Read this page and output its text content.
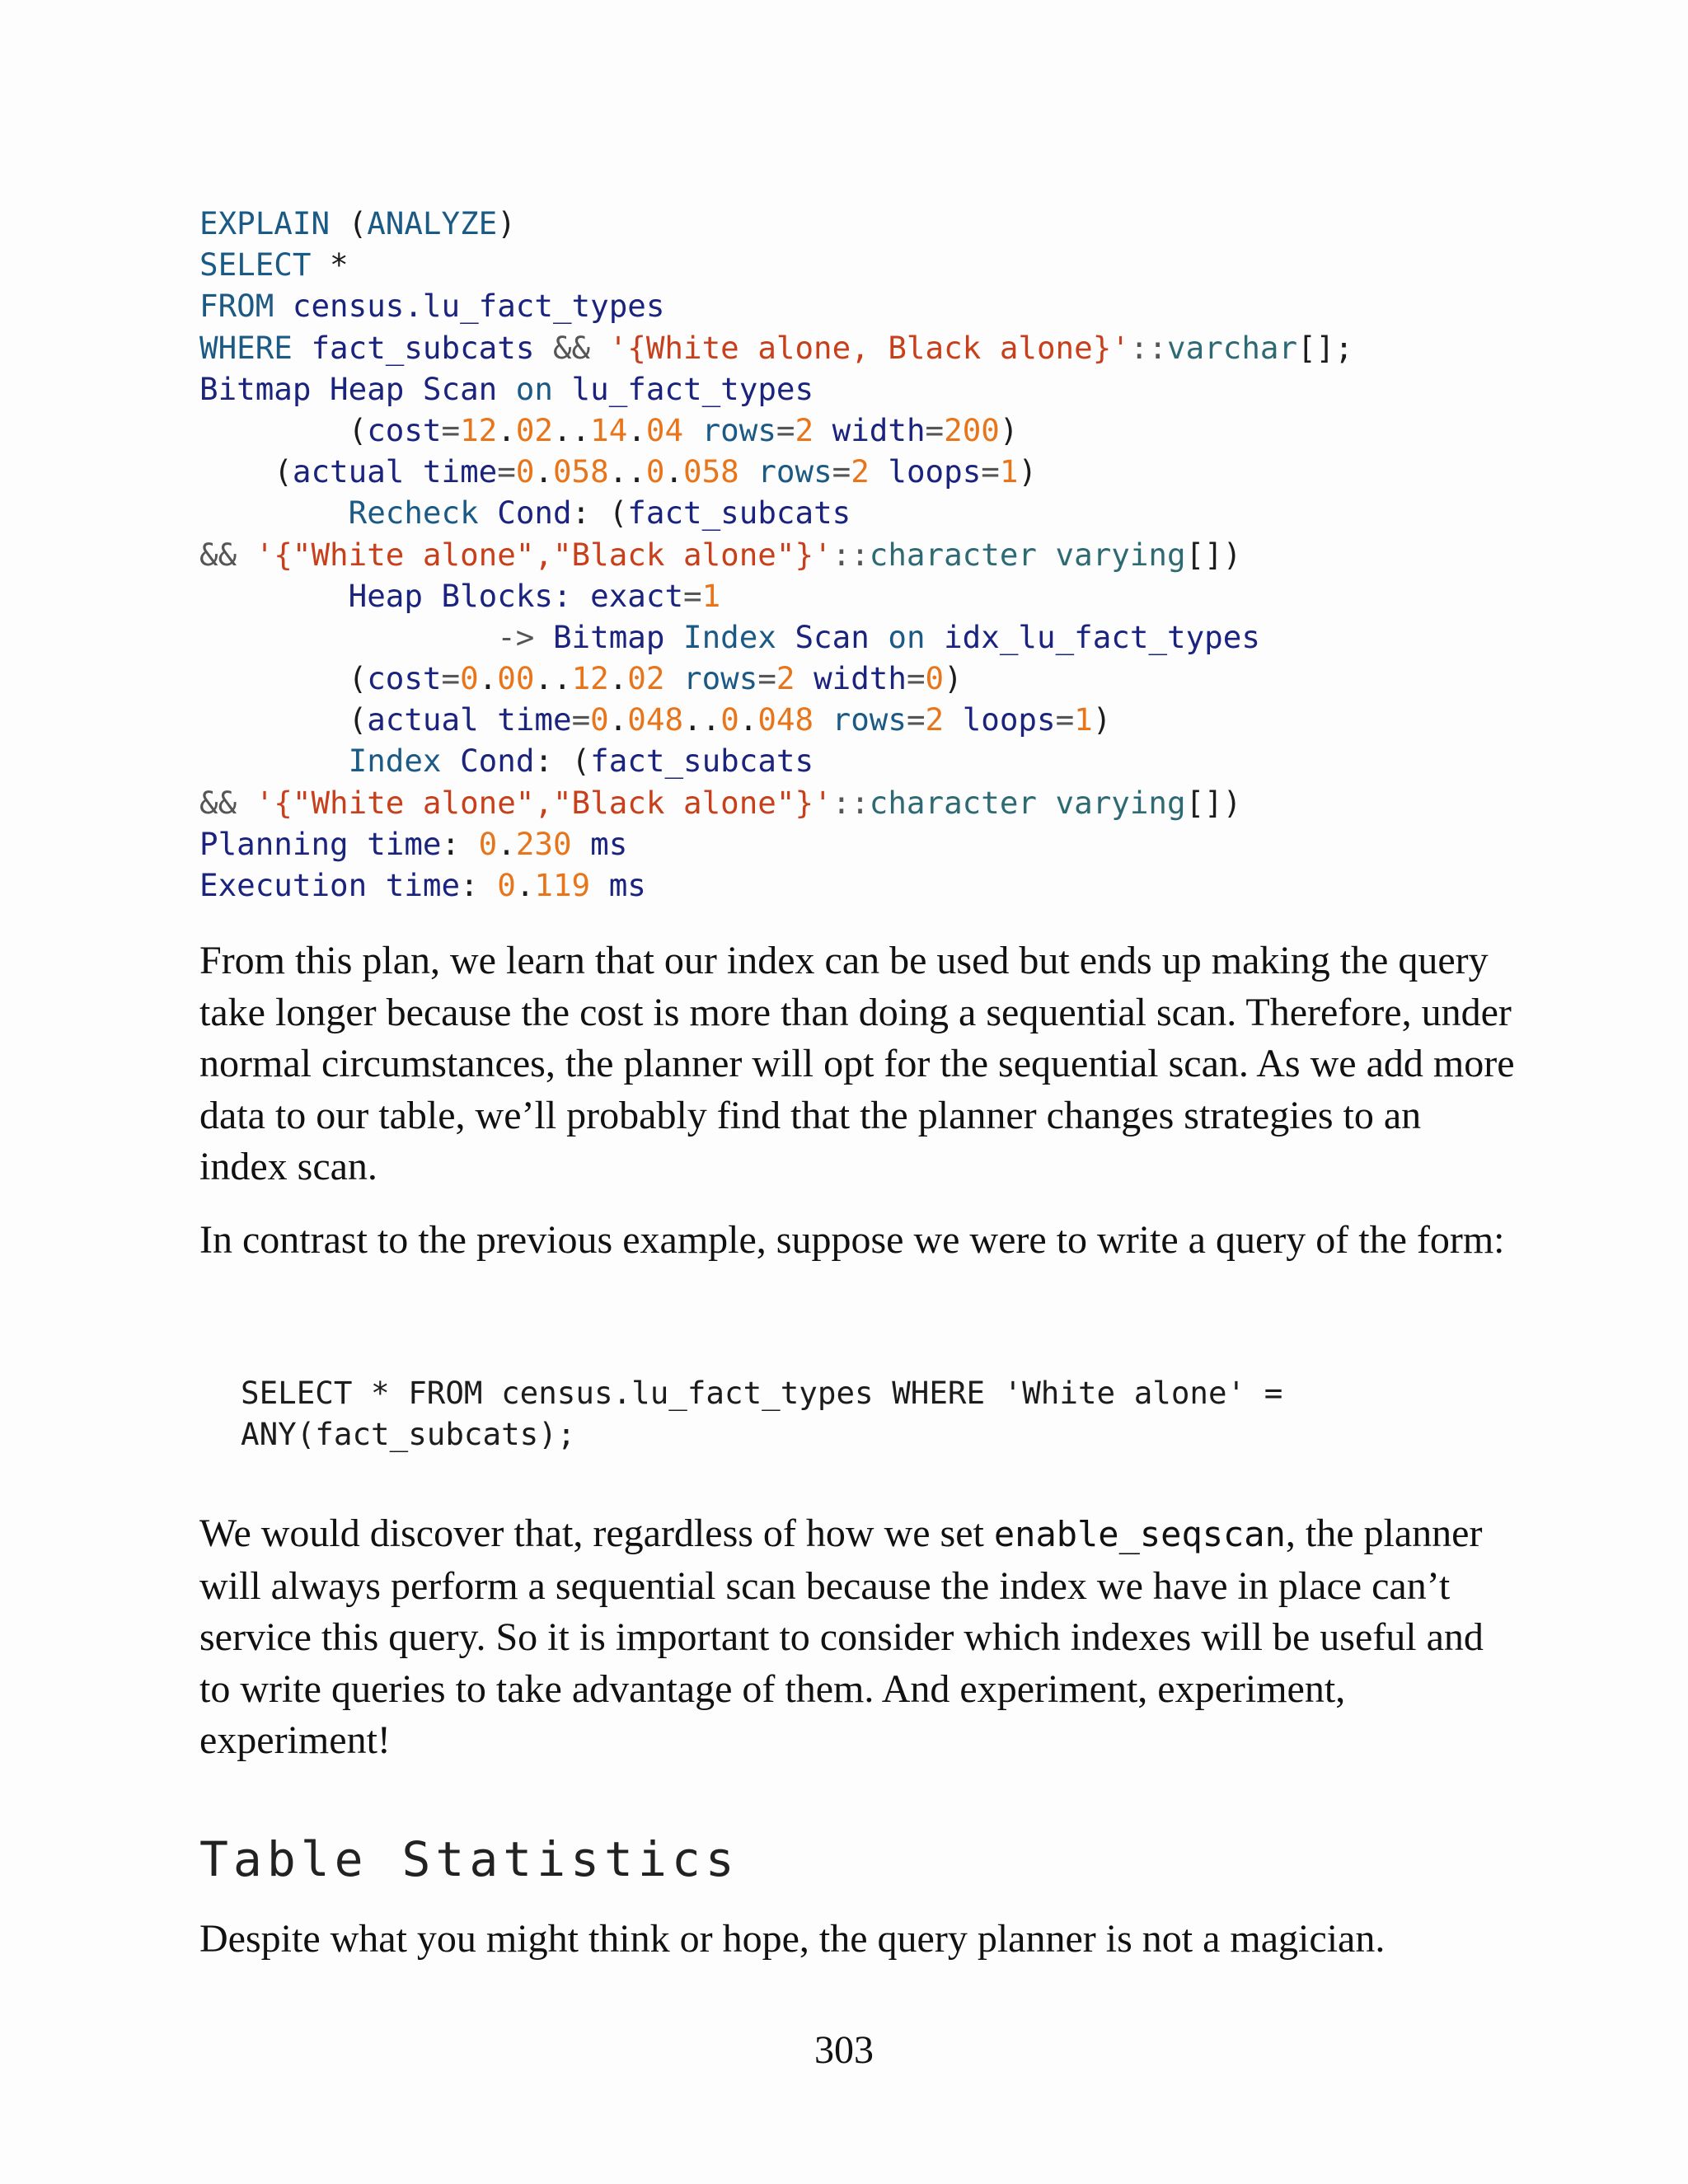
EXPLAIN (ANALYZE)
SELECT *
FROM census.lu_fact_types
WHERE fact_subcats && '{White alone, Black alone}'::varchar[];
Bitmap Heap Scan on lu_fact_types
(cost=12.02..14.04 rows=2 width=200)
(actual time=0.058..0.058 rows=2 loops=1)
Recheck Cond: (fact_subcats
&& '{"White alone","Black alone"}'::character varying[])
Heap Blocks: exact=1
-> Bitmap Index Scan on idx_lu_fact_types
(cost=0.00..12.02 rows=2 width=0)
(actual time=0.048..0.048 rows=2 loops=1)
Index Cond: (fact_subcats
&& '{"White alone","Black alone"}'::character varying[])
Planning time: 0.230 ms
Execution time: 0.119 ms

From this plan, we learn that our index can be used but ends up making the query take longer because the cost is more than doing a sequential scan. Therefore, under normal circumstances, the planner will opt for the sequential scan. As we add more data to our table, we’ll probably find that the planner changes strategies to an index scan.

In contrast to the previous example, suppose we were to write a query of the form:

SELECT * FROM census.lu_fact_types WHERE 'White alone' =
ANY(fact_subcats);

We would discover that, regardless of how we set enable_seqscan, the planner will always perform a sequential scan because the index we have in place can’t service this query. So it is important to consider which indexes will be useful and to write queries to take advantage of them. And experiment, experiment, experiment!

Table Statistics

Despite what you might think or hope, the query planner is not a magician.

303
